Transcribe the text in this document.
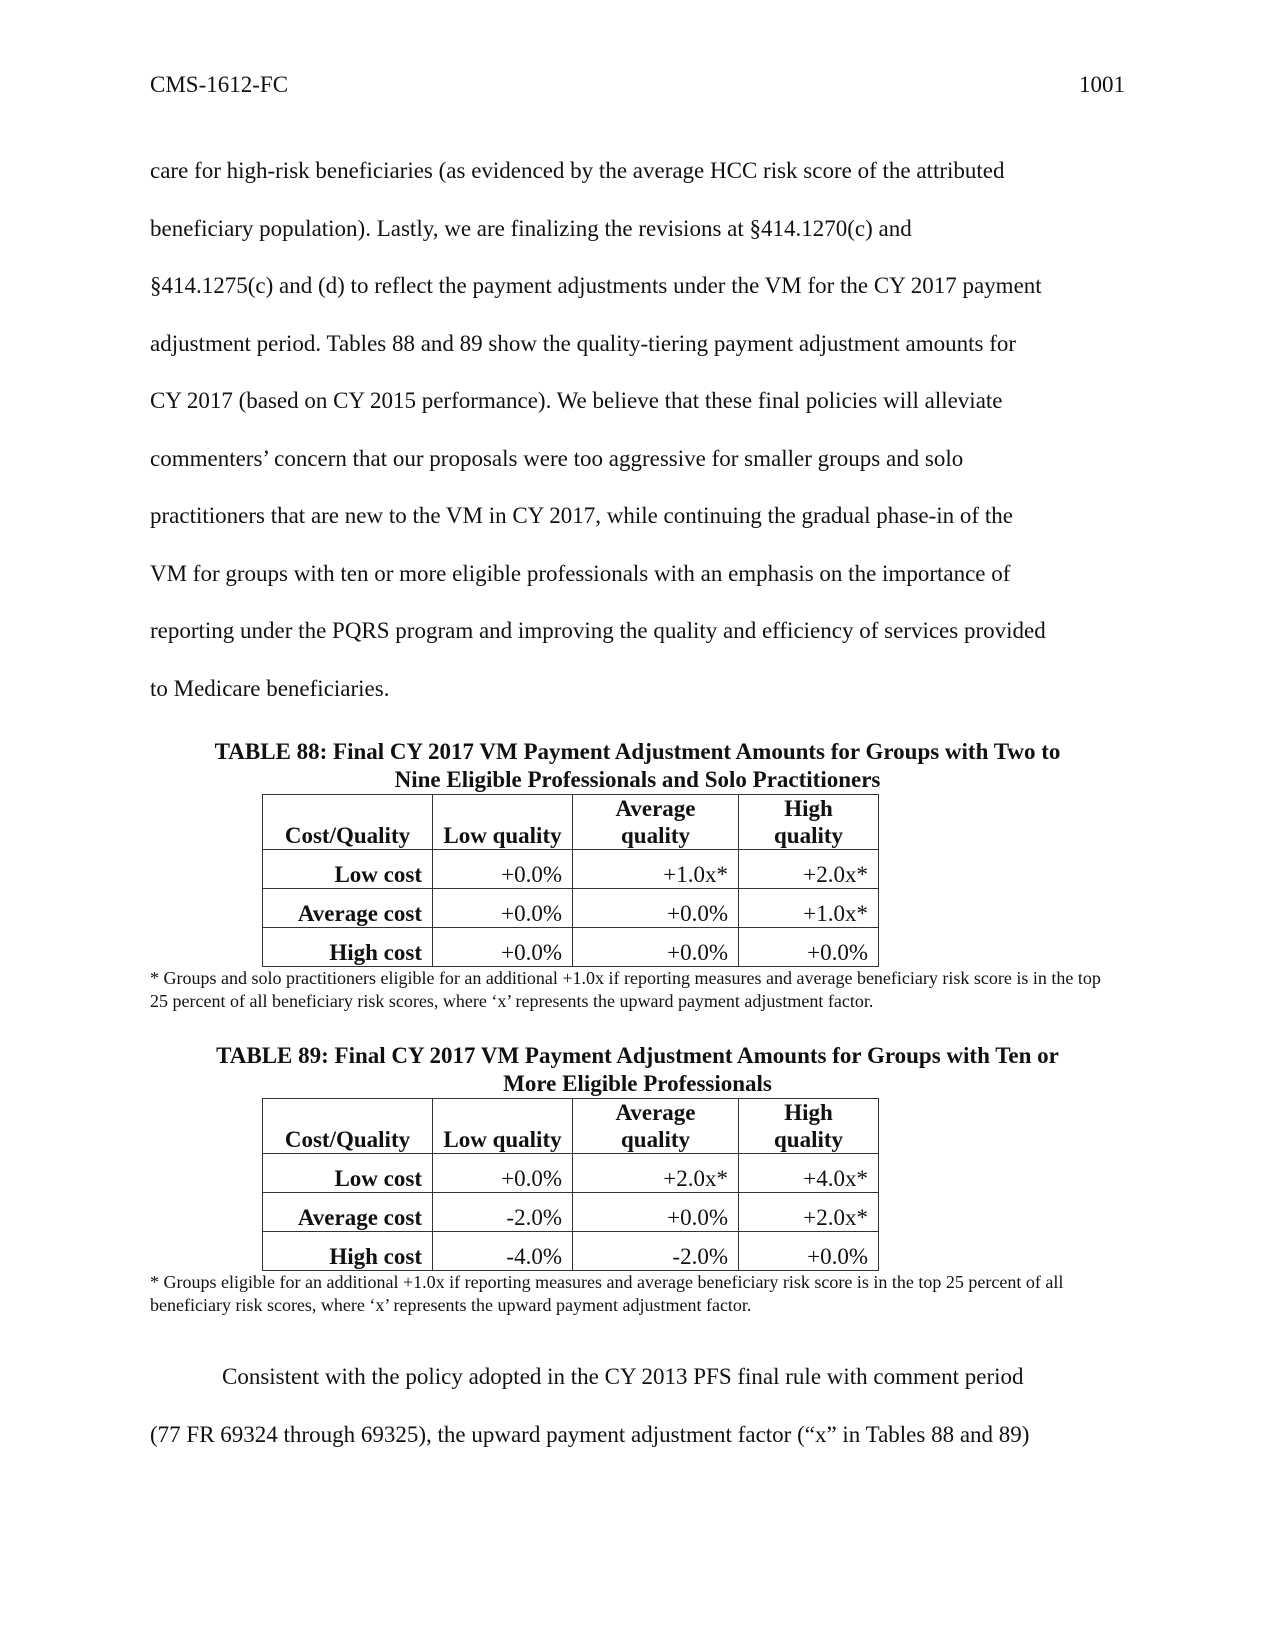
CMS-1612-FC	1001
care for high-risk beneficiaries (as evidenced by the average HCC risk score of the attributed
beneficiary population). Lastly, we are finalizing the revisions at §414.1270(c) and
§414.1275(c) and (d) to reflect the payment adjustments under the VM for the CY 2017 payment
adjustment period. Tables 88 and 89 show the quality-tiering payment adjustment amounts for
CY 2017 (based on CY 2015 performance). We believe that these final policies will alleviate
commenters’ concern that our proposals were too aggressive for smaller groups and solo
practitioners that are new to the VM in CY 2017, while continuing the gradual phase-in of the
VM for groups with ten or more eligible professionals with an emphasis on the importance of
reporting under the PQRS program and improving the quality and efficiency of services provided
to Medicare beneficiaries.

TABLE 88: Final CY 2017 VM Payment Adjustment Amounts for Groups with Two to
Nine Eligible Professionals and Solo Practitioners

Cost/Quality	Low quality	Average quality	High quality
Low cost	+0.0%	+1.0x*	+2.0x*
Average cost	+0.0%	+0.0%	+1.0x*
High cost	+0.0%	+0.0%	+0.0%

* Groups and solo practitioners eligible for an additional +1.0x if reporting measures and average beneficiary risk score is in the top 25 percent of all beneficiary risk scores, where ‘x’ represents the upward payment adjustment factor.

TABLE 89: Final CY 2017 VM Payment Adjustment Amounts for Groups with Ten or
More Eligible Professionals

Cost/Quality	Low quality	Average quality	High quality
Low cost	+0.0%	+2.0x*	+4.0x*
Average cost	-2.0%	+0.0%	+2.0x*
High cost	-4.0%	-2.0%	+0.0%

* Groups eligible for an additional +1.0x if reporting measures and average beneficiary risk score is in the top 25 percent of all beneficiary risk scores, where ‘x’ represents the upward payment adjustment factor.

Consistent with the policy adopted in the CY 2013 PFS final rule with comment period
(77 FR 69324 through 69325), the upward payment adjustment factor (“x” in Tables 88 and 89)
